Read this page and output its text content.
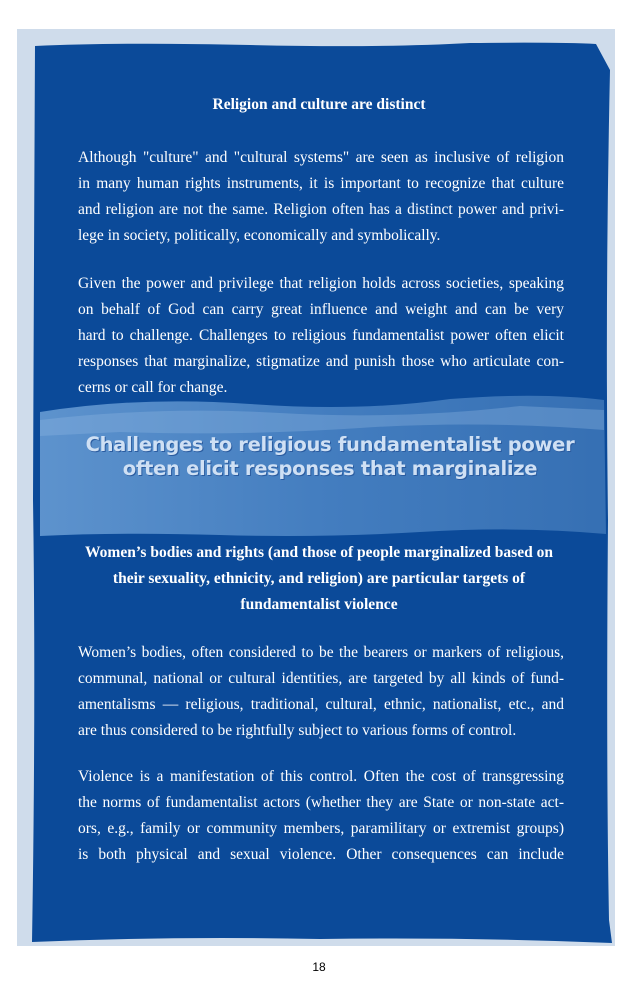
Religion and culture are distinct

Although "culture" and "cultural systems" are seen as inclusive of religion
in many human rights instruments, it is important to recognize that culture
and religion are not the same. Religion often has a distinct power and privi-
lege in society, politically, economically and symbolically.

Given the power and privilege that religion holds across societies, speaking
on behalf of God can carry great influence and weight and can be very
hard to challenge. Challenges to religious fundamentalist power often elicit
responses that marginalize, stigmatize and punish those who articulate con-
cerns or call for change.

Challenges to religious fundamentalist power
often elicit responses that marginalize

Women’s bodies and rights (and those of people marginalized based on
their sexuality, ethnicity, and religion) are particular targets of
fundamentalist violence

Women’s bodies, often considered to be the bearers or markers of religious,
communal, national or cultural identities, are targeted by all kinds of fund-
amentalisms — religious, traditional, cultural, ethnic, nationalist, etc., and
are thus considered to be rightfully subject to various forms of control.

Violence is a manifestation of this control. Often the cost of transgressing
the norms of fundamentalist actors (whether they are State or non-state act-
ors, e.g., family or community members, paramilitary or extremist groups)
is both physical and sexual violence. Other consequences can include

18
